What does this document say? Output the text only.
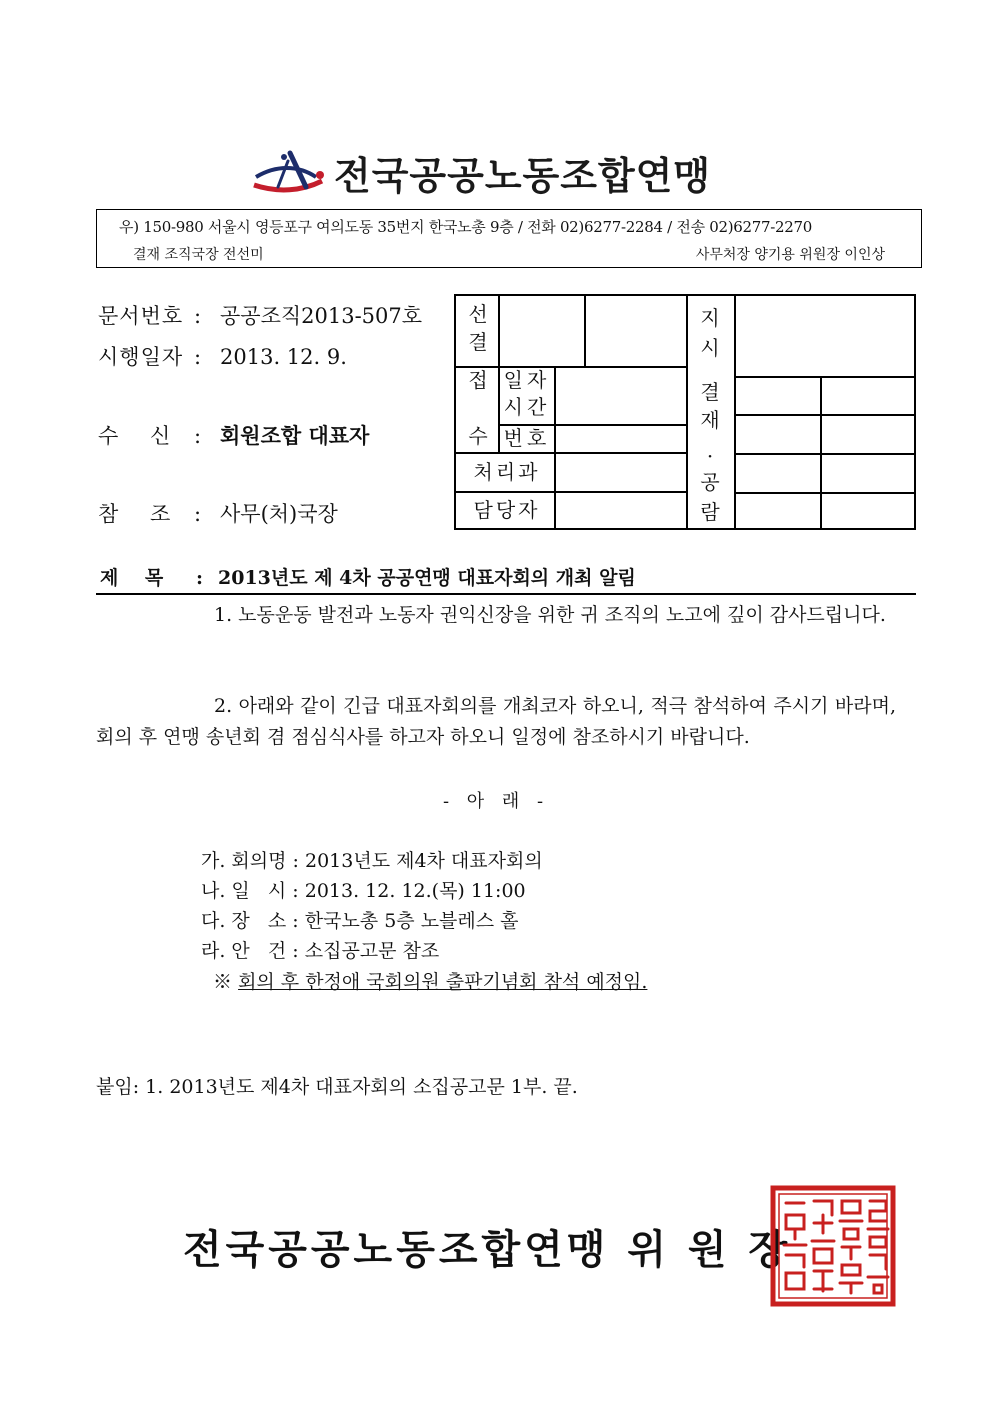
전국공공노동조합연맹
우) 150-980 서울시 영등포구 여의도동 35번지 한국노총 9층 / 전화 02)6277-2284 / 전송 02)6277-2270
결재 조직국장 전선미	사무처장 양기용 위원장 이인상
문서번호 : 공공조직2013-507호
시행일자 : 2013. 12. 9.
수    신 : 회원조합 대표자
참    조 : 사무(처)국장
선
결
접
수
일자
시간
번호
처리과
담당자
지
시
결
재
·
공
람
제    목 : 2013년도 제 4차 공공연맹 대표자회의 개최 알림
1. 노동운동 발전과 노동자 권익신장을 위한 귀 조직의 노고에 깊이 감사드립니다.
2. 아래와 같이 긴급 대표자회의를 개최코자 하오니, 적극 참석하여 주시기 바라며, 회의 후 연맹 송년회 겸 점심식사를 하고자 하오니 일정에 참조하시기 바랍니다.
- 아 래 -
가. 회의명 : 2013년도 제4차 대표자회의
나. 일   시 : 2013. 12. 12.(목) 11:00
다. 장   소 : 한국노총 5층 노블레스 홀
라. 안   건 : 소집공고문 참조
※ 회의 후 한정애 국회의원 출판기념회 참석 예정임.
붙임: 1. 2013년도 제4차 대표자회의 소집공고문 1부. 끝.
전국공공노동조합연맹 위 원 장
